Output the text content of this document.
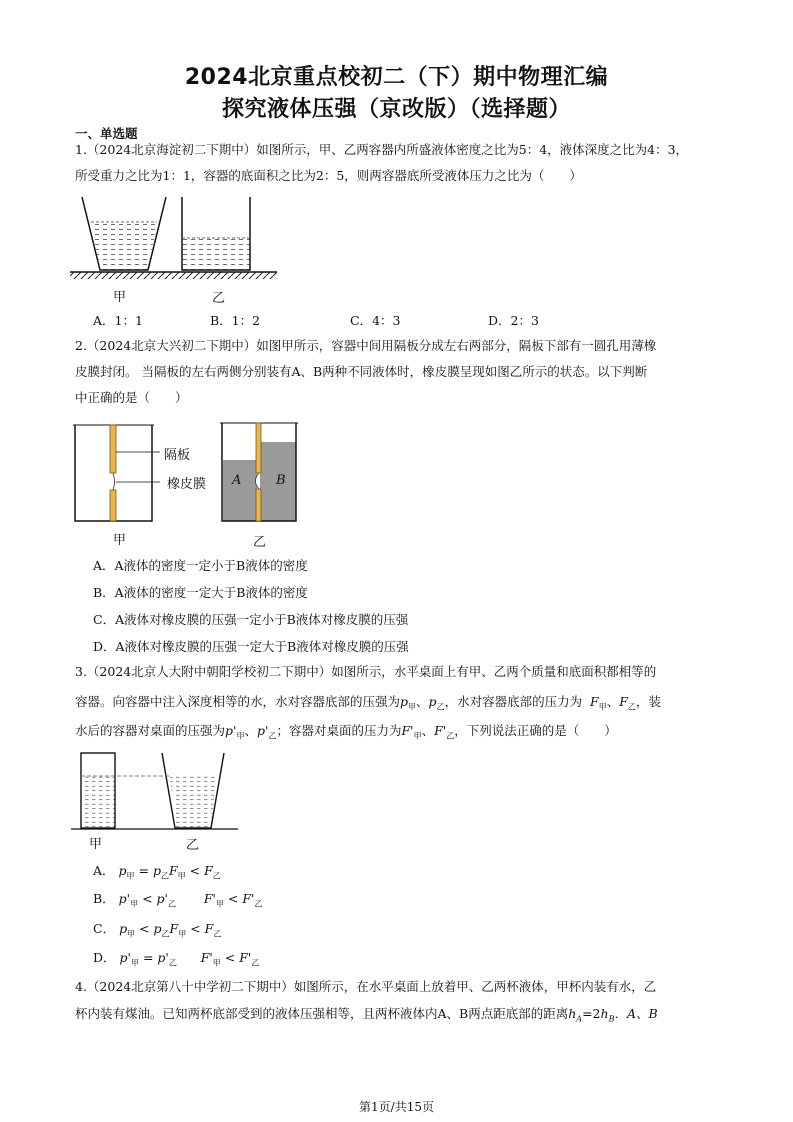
2024北京重点校初二（下）期中物理汇编
探究液体压强（京改版）（选择题）
一、单选题
1.（2024北京海淀初二下期中）如图所示，甲、乙两容器内所盛液体密度之比为5：4，液体深度之比为4：3，
所受重力之比为1：1，容器的底面积之比为2：5，则两容器底所受液体压力之比为（　　）
甲	乙
A．1：1	B．1：2	C．4：3	D．2：3
2.（2024北京大兴初二下期中）如图甲所示，容器中间用隔板分成左右两部分，隔板下部有一圆孔用薄橡
皮膜封闭。 当隔板的左右两侧分别装有A、B两种不同液体时，橡皮膜呈现如图乙所示的状态。以下判断
中正确的是（　　）
隔板
橡皮膜 A	B
甲	乙
A．A液体的密度一定小于B液体的密度
B．A液体的密度一定大于B液体的密度
C．A液体对橡皮膜的压强一定小于B液体对橡皮膜的压强
D．A液体对橡皮膜的压强一定大于B液体对橡皮膜的压强
3.（2024北京人大附中朝阳学校初二下期中）如图所示，水平桌面上有甲、乙两个质量和底面积都相等的
容器。向容器中注入深度相等的水，水对容器底部的压强为$p_甲$、$p_乙$，水对容器底部的压力为 $F_甲$、$F_乙$，装
水后的容器对桌面的压强为$p'_甲$、$p'_乙$；容器对桌面的压力为$F'_甲$、$F'_乙$，下列说法正确的是（　　）
甲	乙
A． $p_甲 = p_乙F_甲 < F_乙$
B． $p'_甲 < p'_乙$ $F'_甲 < F'_乙$
C． $p_甲 < p_乙F_甲 < F_乙$
D． $p'_甲 = p'_乙$ $F'_甲 < F'_乙$
4.（2024北京第八十中学初二下期中）如图所示，在水平桌面上放着甲、乙两杯液体，甲杯内装有水，乙
杯内装有煤油。已知两杯底部受到的液体压强相等，且两杯液体内A、B两点距底部的距离$h_A=2h_B$．A、B
第1页/共15页
